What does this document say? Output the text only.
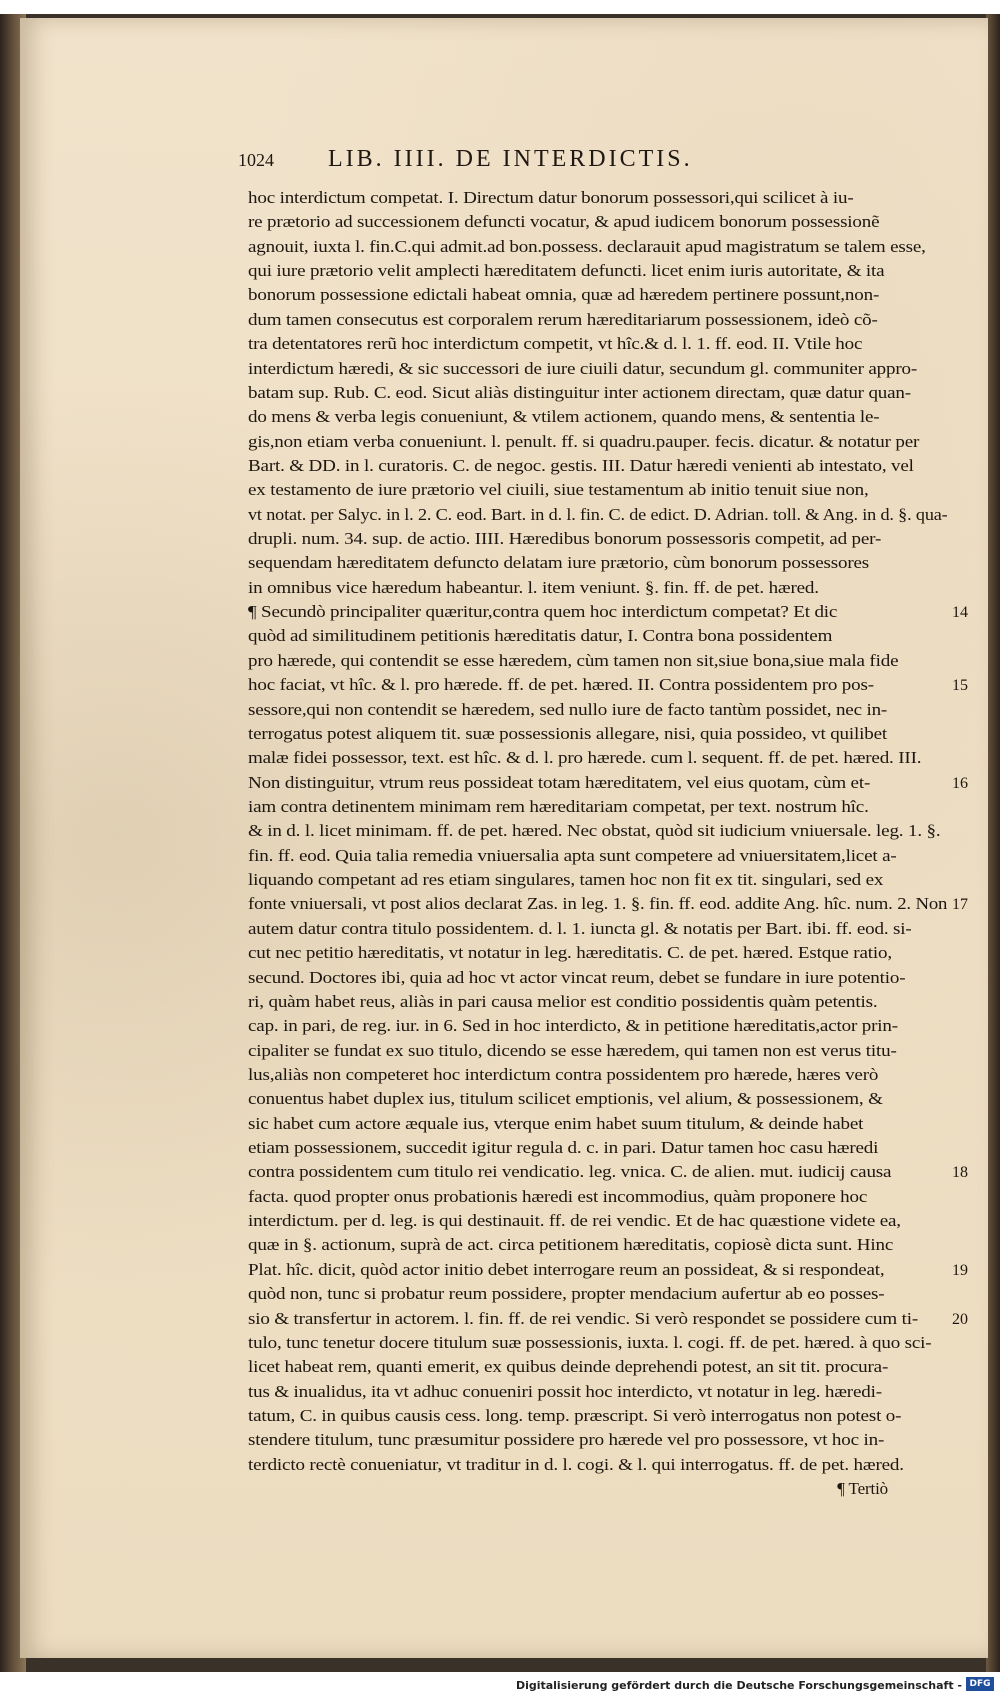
1024 LIB. IIII. DE INTERDICTIS.
hoc interdictum competat. I. Directum datur bonorum possessori,qui scilicet à iu-
re prætorio ad successionem defuncti vocatur, & apud iudicem bonorum possessionẽ
agnouit, iuxta l. fin.C.qui admit.ad bon.possess. declarauit apud magistratum se talem esse,
qui iure prætorio velit amplecti hæreditatem defuncti. licet enim iuris autoritate, & ita
bonorum possessione edictali habeat omnia, quæ ad hæredem pertinere possunt,non-
dum tamen consecutus est corporalem rerum hæreditariarum possessionem, ideò cõ-
tra detentatores rerũ hoc interdictum competit, vt hîc.& d. l. 1. ff. eod. II. Vtile hoc
interdictum hæredi, & sic successori de iure ciuili datur, secundum gl. communiter appro-
batam sup. Rub. C. eod. Sicut aliàs distinguitur inter actionem directam, quæ datur quan-
do mens & verba legis conueniunt, & vtilem actionem, quando mens, & sententia le-
gis,non etiam verba conueniunt. l. penult. ff. si quadru.pauper. fecis. dicatur. & notatur per
Bart. & DD. in l. curatoris. C. de negoc. gestis. III. Datur hæredi venienti ab intestato, vel
ex testamento de iure prætorio vel ciuili, siue testamentum ab initio tenuit siue non,
vt notat. per Salyc. in l. 2. C. eod. Bart. in d. l. fin. C. de edict. D. Adrian. toll. & Ang. in d. §. qua-
drupli. num. 34. sup. de actio. IIII. Hæredibus bonorum possessoris competit, ad per-
sequendam hæreditatem defuncto delatam iure prætorio, cùm bonorum possessores
in omnibus vice hæredum habeantur. l. item veniunt. §. fin. ff. de pet. hæred.
¶ Secundò principaliter quæritur,contra quem hoc interdictum competat? Et dic
quòd ad similitudinem petitionis hæreditatis datur, I. Contra bona possidentem
pro hærede, qui contendit se esse hæredem, cùm tamen non sit,siue bona,siue mala fide
hoc faciat, vt hîc. & l. pro hærede. ff. de pet. hæred. II. Contra possidentem pro pos-
sessore,qui non contendit se hæredem, sed nullo iure de facto tantùm possidet, nec in-
terrogatus potest aliquem tit. suæ possessionis allegare, nisi, quia possideo, vt quilibet
malæ fidei possessor, text. est hîc. & d. l. pro hærede. cum l. sequent. ff. de pet. hæred. III.
Non distinguitur, vtrum reus possideat totam hæreditatem, vel eius quotam, cùm et-
iam contra detinentem minimam rem hæreditariam competat, per text. nostrum hîc.
& in d. l. licet minimam. ff. de pet. hæred. Nec obstat, quòd sit iudicium vniuersale. leg. 1. §.
fin. ff. eod. Quia talia remedia vniuersalia apta sunt competere ad vniuersitatem,licet a-
liquando competant ad res etiam singulares, tamen hoc non fit ex tit. singulari, sed ex
fonte vniuersali, vt post alios declarat Zas. in leg. 1. §. fin. ff. eod. addite Ang. hîc. num. 2. Non
autem datur contra titulo possidentem. d. l. 1. iuncta gl. & notatis per Bart. ibi. ff. eod. si-
cut nec petitio hæreditatis, vt notatur in leg. hæreditatis. C. de pet. hæred. Estque ratio,
secund. Doctores ibi, quia ad hoc vt actor vincat reum, debet se fundare in iure potentio-
ri, quàm habet reus, aliàs in pari causa melior est conditio possidentis quàm petentis.
cap. in pari, de reg. iur. in 6. Sed in hoc interdicto, & in petitione hæreditatis,actor prin-
cipaliter se fundat ex suo titulo, dicendo se esse hæredem, qui tamen non est verus titu-
lus,aliàs non competeret hoc interdictum contra possidentem pro hærede, hæres verò
conuentus habet duplex ius, titulum scilicet emptionis, vel alium, & possessionem, &
sic habet cum actore æquale ius, vterque enim habet suum titulum, & deinde habet
etiam possessionem, succedit igitur regula d. c. in pari. Datur tamen hoc casu hæredi
contra possidentem cum titulo rei vendicatio. leg. vnica. C. de alien. mut. iudicij causa
facta. quod propter onus probationis hæredi est incommodius, quàm proponere hoc
interdictum. per d. leg. is qui destinauit. ff. de rei vendic. Et de hac quæstione videte ea,
quæ in §. actionum, suprà de act. circa petitionem hæreditatis, copiosè dicta sunt. Hinc
Plat. hîc. dicit, quòd actor initio debet interrogare reum an possideat, & si respondeat,
quòd non, tunc si probatur reum possidere, propter mendacium aufertur ab eo posses-
sio & transfertur in actorem. l. fin. ff. de rei vendic. Si verò respondet se possidere cum ti-
tulo, tunc tenetur docere titulum suæ possessionis, iuxta. l. cogi. ff. de pet. hæred. à quo sci-
licet habeat rem, quanti emerit, ex quibus deinde deprehendi potest, an sit tit. procura-
tus & inualidus, ita vt adhuc conueniri possit hoc interdicto, vt notatur in leg. hæredi-
tatum, C. in quibus causis cess. long. temp. præscript. Si verò interrogatus non potest o-
stendere titulum, tunc præsumitur possidere pro hærede vel pro possessore, vt hoc in-
terdicto rectè conueniatur, vt traditur in d. l. cogi. & l. qui interrogatus. ff. de pet. hæred.
¶ Tertiò
14
15
16
17
18
19
20
Digitalisierung gefördert durch die Deutsche Forschungsgemeinschaft - DFG
